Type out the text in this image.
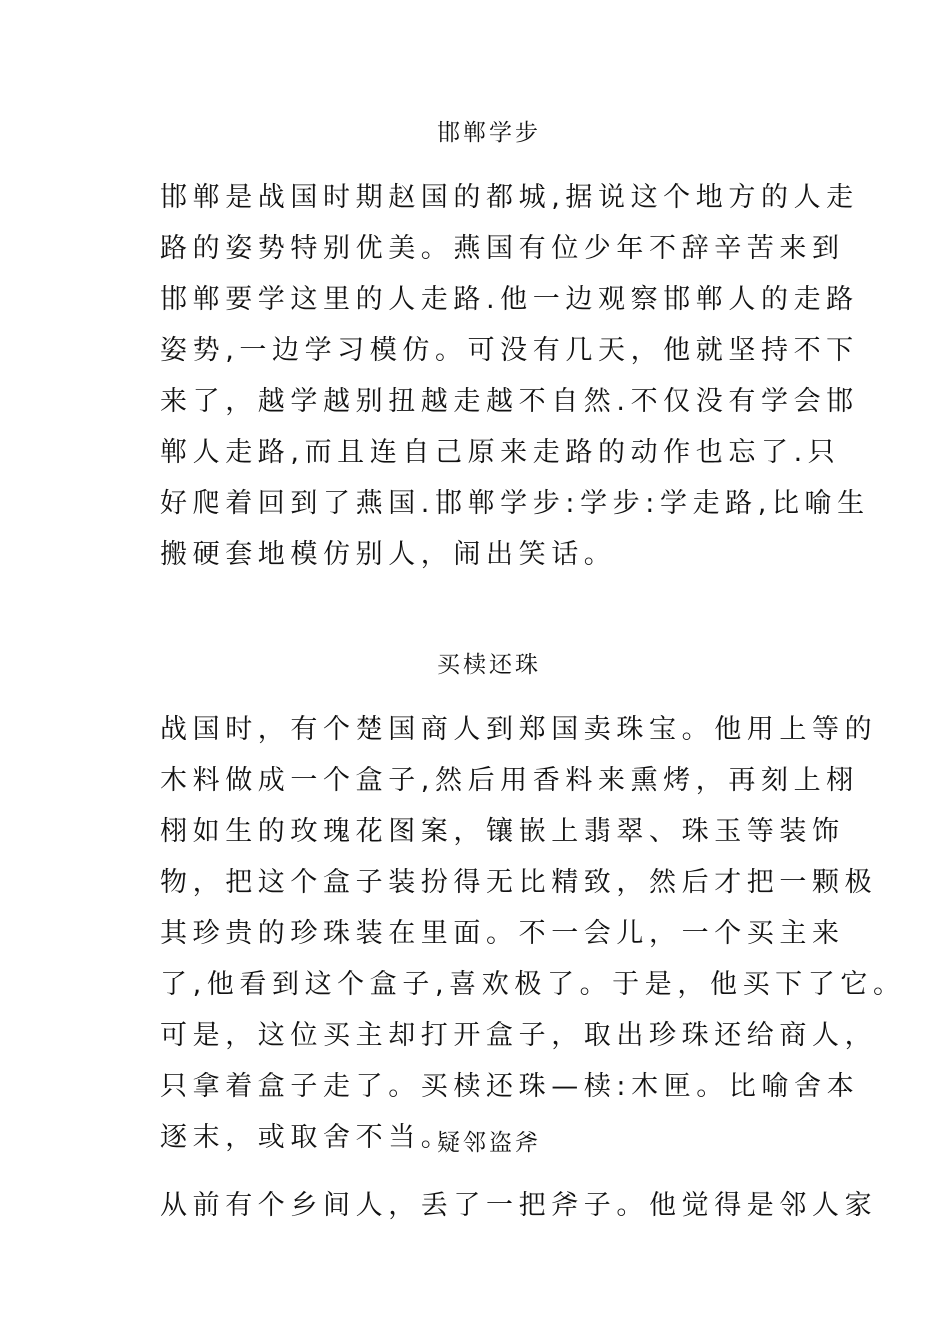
邯郸学步

邯郸是战国时期赵国的都城,据说这个地方的人走

路的姿势特别优美。燕国有位少年不辞辛苦来到

邯郸要学这里的人走路.他一边观察邯郸人的走路

姿势,一边学习模仿。可没有几天，他就坚持不下

来了，越学越别扭越走越不自然.不仅没有学会邯

郸人走路,而且连自己原来走路的动作也忘了.只

好爬着回到了燕国.邯郸学步:学步:学走路,比喻生

搬硬套地模仿别人，闹出笑话。

买椟还珠

战国时，有个楚国商人到郑国卖珠宝。他用上等的

木料做成一个盒子,然后用香料来熏烤，再刻上栩

栩如生的玫瑰花图案，镶嵌上翡翠、珠玉等装饰

物，把这个盒子装扮得无比精致，然后才把一颗极

其珍贵的珍珠装在里面。不一会儿，一个买主来

了,他看到这个盒子,喜欢极了。于是，他买下了它。

可是，这位买主却打开盒子，取出珍珠还给商人，

只拿着盒子走了。买椟还珠—椟:木匣。比喻舍本

逐末，或取舍不当。

疑邻盗斧

从前有个乡间人，丢了一把斧子。他觉得是邻人家
